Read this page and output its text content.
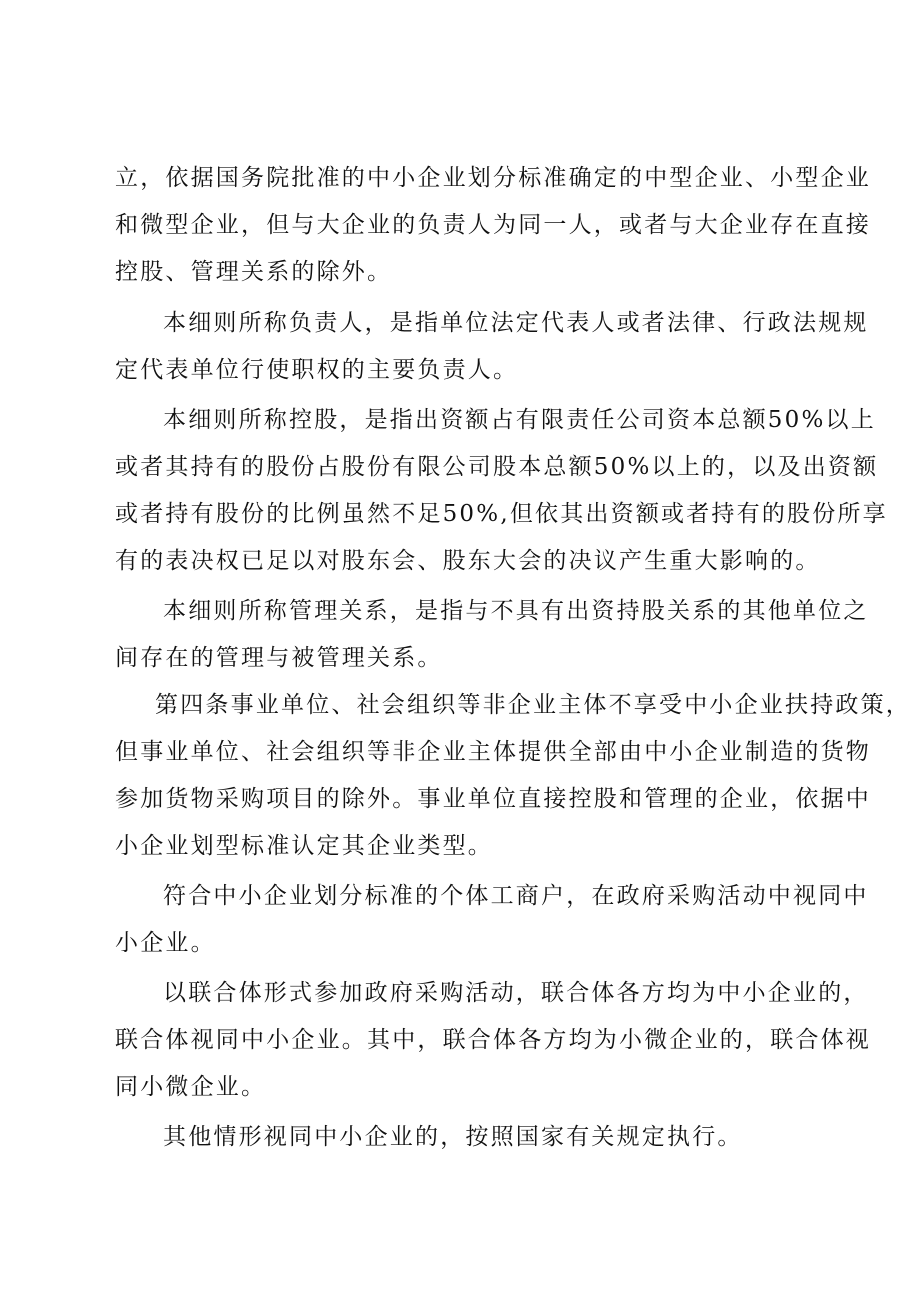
立，依据国务院批准的中小企业划分标准确定的中型企业、小型企业

和微型企业，但与大企业的负责人为同一人，或者与大企业存在直接

控股、管理关系的除外。

本细则所称负责人，是指单位法定代表人或者法律、行政法规规

定代表单位行使职权的主要负责人。

本细则所称控股，是指出资额占有限责任公司资本总额50%以上

或者其持有的股份占股份有限公司股本总额50%以上的，以及出资额

或者持有股份的比例虽然不足50%,但依其出资额或者持有的股份所享

有的表决权已足以对股东会、股东大会的决议产生重大影响的。

本细则所称管理关系，是指与不具有出资持股关系的其他单位之

间存在的管理与被管理关系。

第四条事业单位、社会组织等非企业主体不享受中小企业扶持政策，

但事业单位、社会组织等非企业主体提供全部由中小企业制造的货物

参加货物采购项目的除外。事业单位直接控股和管理的企业，依据中

小企业划型标准认定其企业类型。

符合中小企业划分标准的个体工商户，在政府采购活动中视同中

小企业。

以联合体形式参加政府采购活动，联合体各方均为中小企业的，

联合体视同中小企业。其中，联合体各方均为小微企业的，联合体视

同小微企业。

其他情形视同中小企业的，按照国家有关规定执行。
